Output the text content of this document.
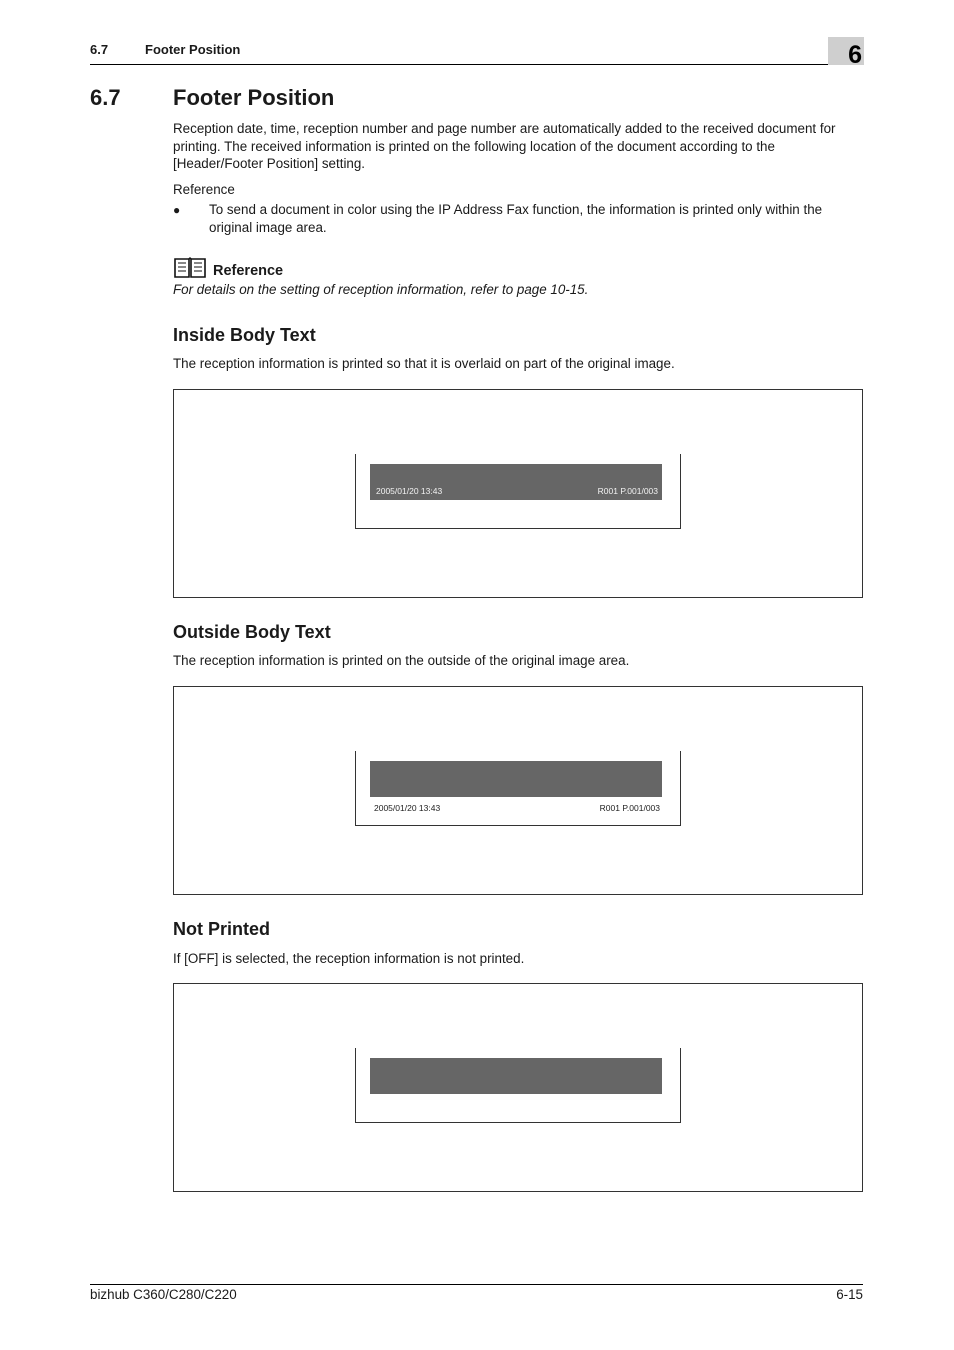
6.7	Footer Position	6
6.7 Footer Position

Reception date, time, reception number and page number are automatically added to the received document for printing. The received information is printed on the following location of the document according to the [Header/Footer Position] setting.

Reference
● To send a document in color using the IP Address Fax function, the information is printed only within the original image area.
Reference
For details on the setting of reception information, refer to page 10-15.
Inside Body Text
The reception information is printed so that it is overlaid on part of the original image.
2005/01/20 13:43	R001 P.001/003
Outside Body Text
The reception information is printed on the outside of the original image area.
2005/01/20 13:43	R001 P.001/003
Not Printed
If [OFF] is selected, the reception information is not printed.
bizhub C360/C280/C220	6-15
